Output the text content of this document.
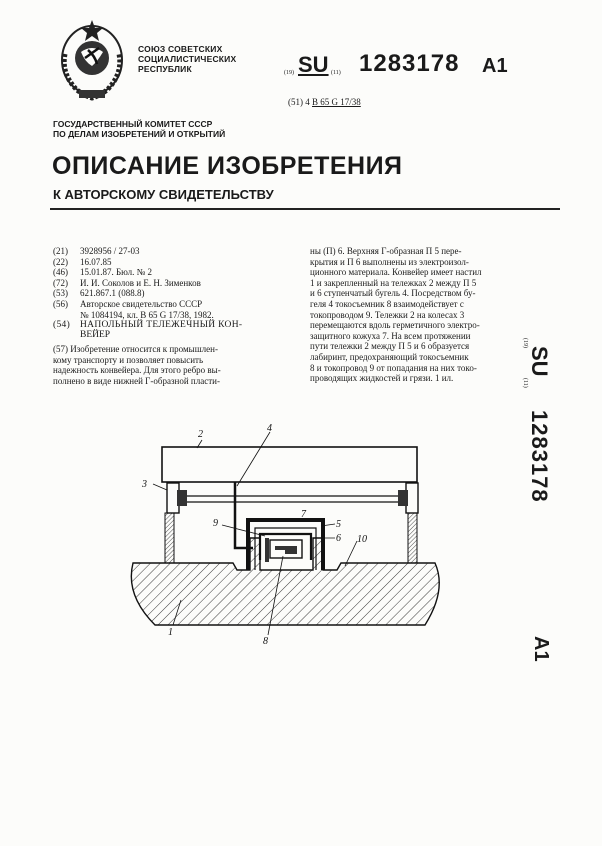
СОЮЗ СОВЕТСКИХ
СОЦИАЛИСТИЧЕСКИХ
РЕСПУБЛИК	(19) SU (11) 1283178 A1
(51) 4 B 65 G 17/38
ГОСУДАРСТВЕННЫЙ КОМИТЕТ СССР
ПО ДЕЛАМ ИЗОБРЕТЕНИЙ И ОТКРЫТИЙ
ОПИСАНИЕ ИЗОБРЕТЕНИЯ
К АВТОРСКОМУ СВИДЕТЕЛЬСТВУ
(21) 3928956 / 27-03
(22) 16.07.85
(46) 15.01.87. Бюл. № 2
(72) И. И. Соколов и Е. Н. Зименков
(53) 621.867.1 (088.8)
(56) Авторское свидетельство СССР
№ 1084194, кл. B 65 G 17/38, 1982.
(54) НАПОЛЬНЫЙ ТЕЛЕЖЕЧНЫЙ КОН-
ВЕЙЕР
(57) Изобретение относится к промышлен-
кому транспорту и позволяет повысить
надежность конвейера. Для этого ребро вы-
полнено в виде нижней Г-образной пласти-
ны (П) 6. Верхняя Г-образная П 5 пере-
крытия и П 6 выполнены из электроизол-
ционного материала. Конвейер имеет настил
1 и закрепленный на тележках 2 между П 5
и 6 ступенчатый бугель 4. Посредством бу-
геля 4 токосъемник 8 взаимодействует с
токопроводом 9. Тележки 2 на колесах 3
перемещаются вдоль герметичного электро-
защитного кожуха 7. На всем протяжении
пути тележки 2 между П 5 и 6 образуется
лабиринт, предохраняющий токосъемник
8 и токопровод 9 от попадания на них токо-
проводящих жидкостей и грязи. 1 ил.
(19)
SU
(11)
1283178
A1
2
4
3
7
9	5
6 10
8
1
